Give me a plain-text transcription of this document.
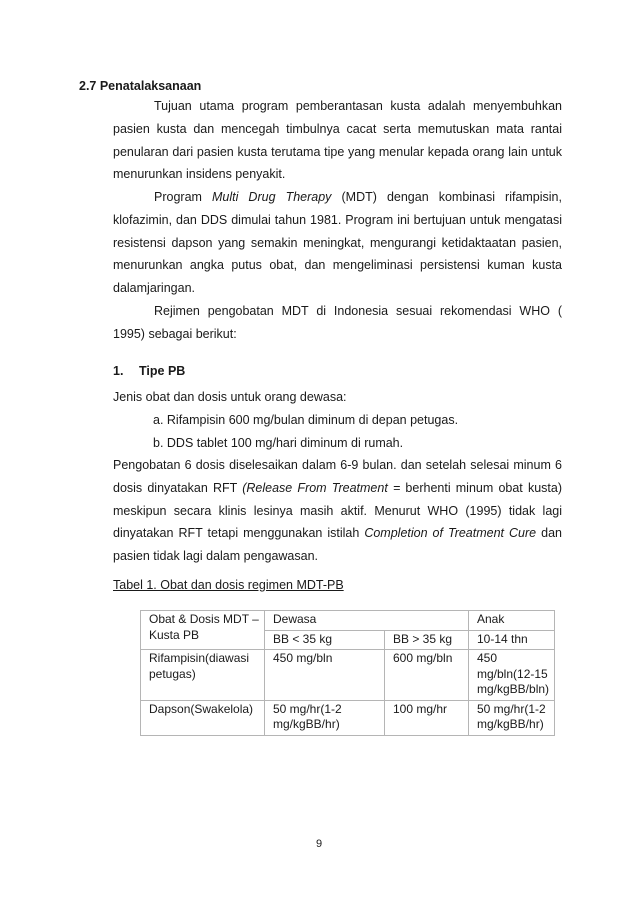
2.7 Penatalaksanaan

Tujuan utama program pemberantasan kusta adalah menyembuhkan pasien kusta dan mencegah timbulnya cacat serta memutuskan mata rantai penularan dari pasien kusta terutama tipe yang menular kepada orang lain untuk menurunkan insidens penyakit.

Program Multi Drug Therapy (MDT) dengan kombinasi rifampisin, klofazimin, dan DDS dimulai tahun 1981. Program ini bertujuan untuk mengatasi resistensi dapson yang semakin meningkat, mengurangi ketidaktaatan pasien, menurunkan angka putus obat, dan mengeliminasi persistensi kuman kusta dalamjaringan.

Rejimen pengobatan MDT di Indonesia sesuai rekomendasi WHO ( 1995) sebagai berikut:

1. Tipe PB
Jenis obat dan dosis untuk orang dewasa:
a. Rifampisin 600 mg/bulan diminum di depan petugas.
b. DDS tablet 100 mg/hari diminum di rumah.

Pengobatan 6 dosis diselesaikan dalam 6-9 bulan. dan setelah selesai minum 6 dosis dinyatakan RFT (Release From Treatment = berhenti minum obat kusta) meskipun secara klinis lesinya masih aktif. Menurut WHO (1995) tidak lagi dinyatakan RFT tetapi menggunakan istilah Completion of Treatment Cure dan pasien tidak lagi dalam pengawasan.

Tabel 1. Obat dan dosis regimen MDT-PB
Obat & Dosis MDT – Kusta PB	Dewasa		Anak
	BB < 35 kg	BB > 35 kg	10-14 thn
Rifampisin(diawasi petugas)	450 mg/bln	600 mg/bln	450 mg/bln(12-15 mg/kgBB/bln)
Dapson(Swakelola)	50 mg/hr(1-2 mg/kgBB/hr)	100 mg/hr	50 mg/hr(1-2 mg/kgBB/hr)
9
